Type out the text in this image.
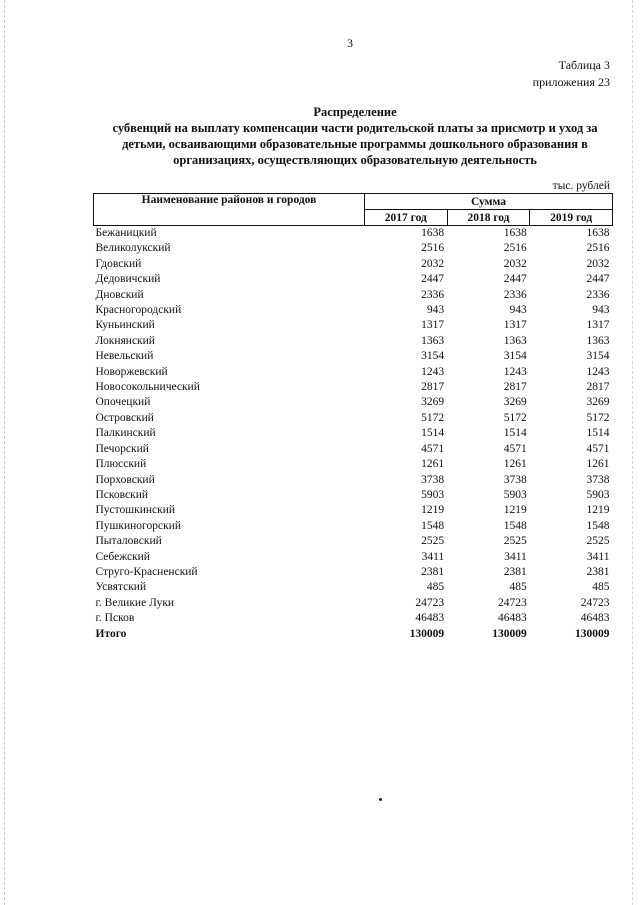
3
Таблица 3
приложения 23
Распределение
субвенций на выплату компенсации части родительской платы за присмотр и уход за детьми, осваивающими образовательные программы дошкольного образования в организациях, осуществляющих образовательную деятельность
тыс. рублей
Наименование районов и городов	Сумма		
	2017 год	2018 год	2019 год
Бежаницкий	1638	1638	1638
Великолукский	2516	2516	2516
Гдовский	2032	2032	2032
Дедовичский	2447	2447	2447
Дновский	2336	2336	2336
Красногородский	943	943	943
Куньинский	1317	1317	1317
Локнянский	1363	1363	1363
Невельский	3154	3154	3154
Новоржевский	1243	1243	1243
Новосокольнический	2817	2817	2817
Опочецкий	3269	3269	3269
Островский	5172	5172	5172
Палкинский	1514	1514	1514
Печорский	4571	4571	4571
Плюсский	1261	1261	1261
Порховский	3738	3738	3738
Псковский	5903	5903	5903
Пустошкинский	1219	1219	1219
Пушкиногорский	1548	1548	1548
Пыталовский	2525	2525	2525
Себежский	3411	3411	3411
Струго-Красненский	2381	2381	2381
Усвятский	485	485	485
г. Великие Луки	24723	24723	24723
г. Псков	46483	46483	46483
Итого	130009	130009	130009
